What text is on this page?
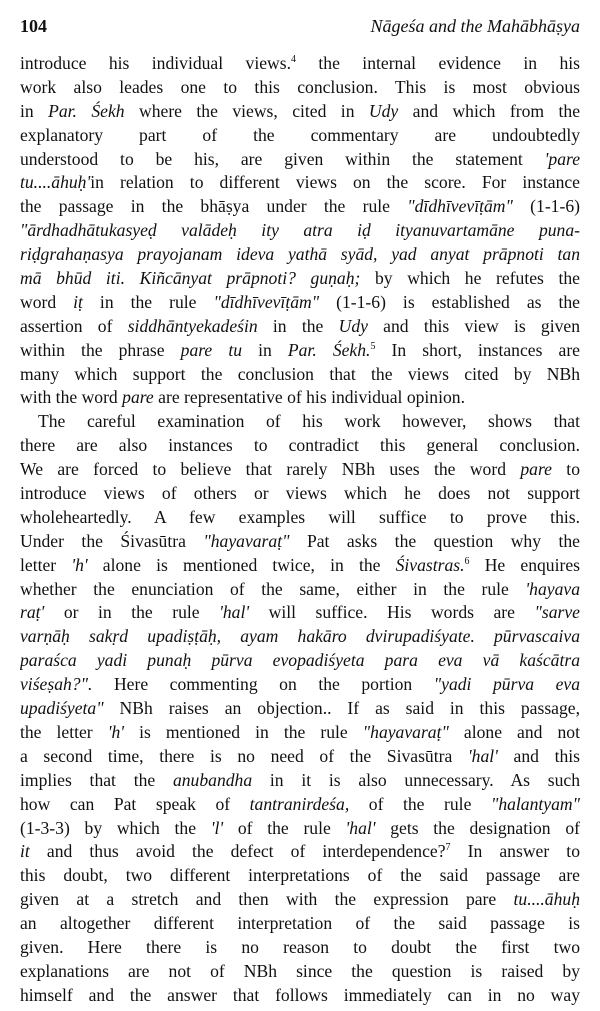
104	Nāgeśa and the Mahābhāṣya
introduce his individual views.$^4$ the internal evidence in his
work also leades one to this conclusion. This is most obvious
in Par. Śekh where the views, cited in Udy and which from the
explanatory part of the commentary are undoubtedly
understood to be his, are given within the statement 'pare
tu....āhuḥ'in relation to different views on the score. For instance
the passage in the bhāṣya under the rule "dīdhīvevīṭām" (1-1-6)
"ārdhadhātukasyeḍ valādeḥ ity atra iḍ ityanuvartamāne puna-
riḍgrahaṇasya prayojanam ideva yathā syād, yad anyat prāpnoti tan
mā bhūd iti. Kiñcānyat prāpnoti? guṇaḥ; by which he refutes the
word iṭ in the rule "dīdhīvevīṭām" (1-1-6) is established as the
assertion of siddhāntyekadeśin in the Udy and this view is given
within the phrase pare tu in Par. Śekh.$^5$ In short, instances are
many which support the conclusion that the views cited by NBh
with the word pare are representative of his individual opinion.
The careful examination of his work however, shows that
there are also instances to contradict this general conclusion.
We are forced to believe that rarely NBh uses the word pare to
introduce views of others or views which he does not support
wholeheartedly. A few examples will suffice to prove this.
Under the Śivasūtra "hayavaraṭ" Pat asks the question why the
letter 'h' alone is mentioned twice, in the Śivastras.$^6$ He enquires
whether the enunciation of the same, either in the rule 'hayava
raṭ' or in the rule 'hal' will suffice. His words are "sarve
varṇāḥ sakṛd upadiṣṭāḥ, ayam hakāro dvirupadiśyate. pūrvascaiva
paraśca yadi punaḥ pūrva evopadiśyeta para eva vā kaścātra
viśeṣah?". Here commenting on the portion "yadi pūrva eva
upadiśyeta" NBh raises an objection.. If as said in this passage,
the letter 'h' is mentioned in the rule "hayavaraṭ" alone and not
a second time, there is no need of the Sivasūtra 'hal' and this
implies that the anubandha in it is also unnecessary. As such
how can Pat speak of tantranirdeśa, of the rule "halantyam"
(1-3-3) by which the 'l' of the rule 'hal' gets the designation of
it and thus avoid the defect of interdependence?$^7$ In answer to
this doubt, two different interpretations of the said passage are
given at a stretch and then with the expression pare tu....āhuḥ
an altogether different interpretation of the said passage is
given. Here there is no reason to doubt the first two
explanations are not of NBh since the question is raised by
himself and the answer that follows immediately can in no way
